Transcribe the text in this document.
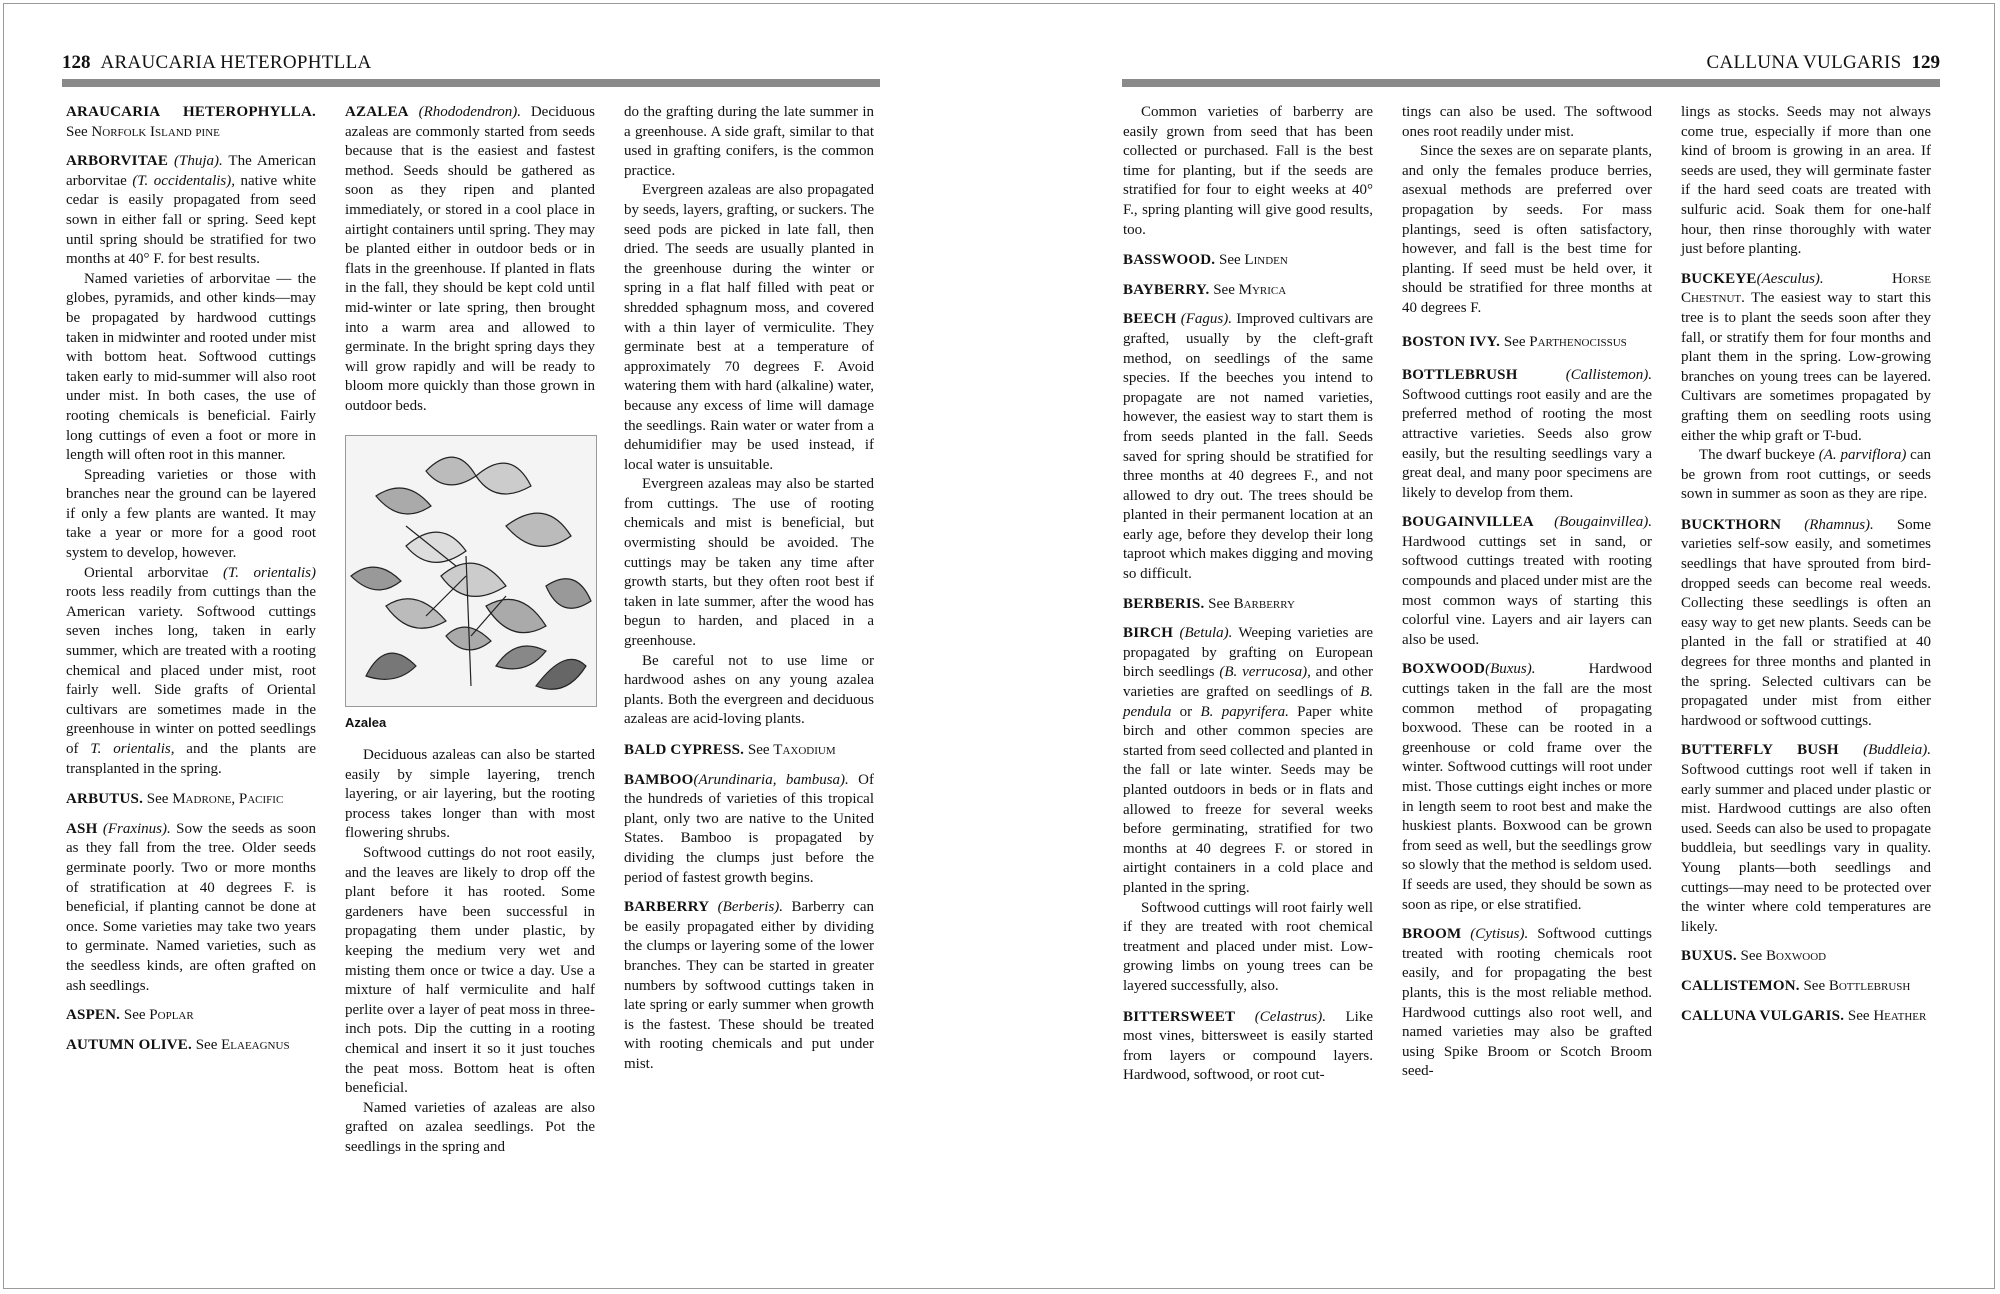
128 ARAUCARIA HETEROPHTLLA

ARAUCARIA HETEROPHYLLA. See Norfolk Island pine

ARBORVITAE (Thuja). The American arborvitae (T. occidentalis), native white cedar is easily propagated from seed sown in either fall or spring. Seed kept until spring should be stratified for two months at 40° F. for best results.

Named varieties of arborvitae — the globes, pyramids, and other kinds—may be propagated by hardwood cuttings taken in midwinter and rooted under mist with bottom heat. Softwood cuttings taken early to mid-summer will also root under mist. In both cases, the use of rooting chemicals is beneficial. Fairly long cuttings of even a foot or more in length will often root in this manner.

Spreading varieties or those with branches near the ground can be layered if only a few plants are wanted. It may take a year or more for a good root system to develop, however.

Oriental arborvitae (T. orientalis) roots less readily from cuttings than the American variety. Softwood cuttings seven inches long, taken in early summer, which are treated with a rooting chemical and placed under mist, root fairly well. Side grafts of Oriental cultivars are sometimes made in the greenhouse in winter on potted seedlings of T. orientalis, and the plants are transplanted in the spring.

ARBUTUS. See Madrone, Pacific

ASH (Fraxinus). Sow the seeds as soon as they fall from the tree. Older seeds germinate poorly. Two or more months of stratification at 40 degrees F. is beneficial, if planting cannot be done at once. Some varieties may take two years to germinate. Named varieties, such as the seedless kinds, are often grafted on ash seedlings.

ASPEN. See Poplar

AUTUMN OLIVE. See Elaeagnus

AZALEA (Rhododendron). Deciduous azaleas are commonly started from seeds because that is the easiest and fastest method. Seeds should be gathered as soon as they ripen and planted immediately, or stored in a cool place in airtight containers until spring. They may be planted either in outdoor beds or in flats in the greenhouse. If planted in flats in the fall, they should be kept cold until mid-winter or late spring, then brought into a warm area and allowed to germinate. In the bright spring days they will grow rapidly and will be ready to bloom more quickly than those grown in outdoor beds.

Azalea

Deciduous azaleas can also be started easily by simple layering, trench layering, or air layering, but the rooting process takes longer than with most flowering shrubs.

Softwood cuttings do not root easily, and the leaves are likely to drop off the plant before it has rooted. Some gardeners have been successful in propagating them under plastic, by keeping the medium very wet and misting them once or twice a day. Use a mixture of half vermiculite and half perlite over a layer of peat moss in three-inch pots. Dip the cutting in a rooting chemical and insert it so it just touches the peat moss. Bottom heat is often beneficial.

Named varieties of azaleas are also grafted on azalea seedlings. Pot the seedlings in the spring and

do the grafting during the late summer in a greenhouse. A side graft, similar to that used in grafting conifers, is the common practice.

Evergreen azaleas are also propagated by seeds, layers, grafting, or suckers. The seed pods are picked in late fall, then dried. The seeds are usually planted in the greenhouse during the winter or spring in a flat half filled with peat or shredded sphagnum moss, and covered with a thin layer of vermiculite. They germinate best at a temperature of approximately 70 degrees F. Avoid watering them with hard (alkaline) water, because any excess of lime will damage the seedlings. Rain water or water from a dehumidifier may be used instead, if local water is unsuitable.

Evergreen azaleas may also be started from cuttings. The use of rooting chemicals and mist is beneficial, but overmisting should be avoided. The cuttings may be taken any time after growth starts, but they often root best if taken in late summer, after the wood has begun to harden, and placed in a greenhouse.

Be careful not to use lime or hardwood ashes on any young azalea plants. Both the evergreen and deciduous azaleas are acid-loving plants.

BALD CYPRESS. See Taxodium

BAMBOO(Arundinaria, bambusa). Of the hundreds of varieties of this tropical plant, only two are native to the United States. Bamboo is propagated by dividing the clumps just before the period of fastest growth begins.

BARBERRY (Berberis). Barberry can be easily propagated either by dividing the clumps or layering some of the lower branches. They can be started in greater numbers by softwood cuttings taken in late spring or early summer when growth is the fastest. These should be treated with rooting chemicals and put under mist.

CALLUNA VULGARIS 129

Common varieties of barberry are easily grown from seed that has been collected or purchased. Fall is the best time for planting, but if the seeds are stratified for four to eight weeks at 40° F., spring planting will give good results, too.

BASSWOOD. See Linden

BAYBERRY. See Myrica

BEECH (Fagus). Improved cultivars are grafted, usually by the cleft-graft method, on seedlings of the same species. If the beeches you intend to propagate are not named varieties, however, the easiest way to start them is from seeds planted in the fall. Seeds saved for spring should be stratified for three months at 40 degrees F., and not allowed to dry out. The trees should be planted in their permanent location at an early age, before they develop their long taproot which makes digging and moving so difficult.

BERBERIS. See Barberry

BIRCH (Betula). Weeping varieties are propagated by grafting on European birch seedlings (B. verrucosa), and other varieties are grafted on seedlings of B. pendula or B. papyrifera. Paper white birch and other common species are started from seed collected and planted in the fall or late winter. Seeds may be planted outdoors in beds or in flats and allowed to freeze for several weeks before germinating, stratified for two months at 40 degrees F. or stored in airtight containers in a cold place and planted in the spring.

Softwood cuttings will root fairly well if they are treated with root chemical treatment and placed under mist. Low-growing limbs on young trees can be layered successfully, also.

BITTERSWEET (Celastrus). Like most vines, bittersweet is easily started from layers or compound layers. Hardwood, softwood, or root cut-

tings can also be used. The softwood ones root readily under mist.

Since the sexes are on separate plants, and only the females produce berries, asexual methods are preferred over propagation by seeds. For mass plantings, seed is often satisfactory, however, and fall is the best time for planting. If seed must be held over, it should be stratified for three months at 40 degrees F.

BOSTON IVY. See Parthenocissus

BOTTLEBRUSH (Callistemon). Softwood cuttings root easily and are the preferred method of rooting the most attractive varieties. Seeds also grow easily, but the resulting seedlings vary a great deal, and many poor specimens are likely to develop from them.

BOUGAINVILLEA (Bougainvillea). Hardwood cuttings set in sand, or softwood cuttings treated with rooting compounds and placed under mist are the most common ways of starting this colorful vine. Layers and air layers can also be used.

BOXWOOD(Buxus). Hardwood cuttings taken in the fall are the most common method of propagating boxwood. These can be rooted in a greenhouse or cold frame over the winter. Softwood cuttings will root under mist. Those cuttings eight inches or more in length seem to root best and make the huskiest plants. Boxwood can be grown from seed as well, but the seedlings grow so slowly that the method is seldom used. If seeds are used, they should be sown as soon as ripe, or else stratified.

BROOM (Cytisus). Softwood cuttings treated with rooting chemicals root easily, and for propagating the best plants, this is the most reliable method. Hardwood cuttings also root well, and named varieties may also be grafted using Spike Broom or Scotch Broom seed-

lings as stocks. Seeds may not always come true, especially if more than one kind of broom is growing in an area. If seeds are used, they will germinate faster if the hard seed coats are treated with sulfuric acid. Soak them for one-half hour, then rinse thoroughly with water just before planting.

BUCKEYE(Aesculus). Horse Chestnut. The easiest way to start this tree is to plant the seeds soon after they fall, or stratify them for four months and plant them in the spring. Low-growing branches on young trees can be layered. Cultivars are sometimes propagated by grafting them on seedling roots using either the whip graft or T-bud.

The dwarf buckeye (A. parviflora) can be grown from root cuttings, or seeds sown in summer as soon as they are ripe.

BUCKTHORN (Rhamnus). Some varieties self-sow easily, and sometimes seedlings that have sprouted from bird-dropped seeds can become real weeds. Collecting these seedlings is often an easy way to get new plants. Seeds can be planted in the fall or stratified at 40 degrees for three months and planted in the spring. Selected cultivars can be propagated under mist from either hardwood or softwood cuttings.

BUTTERFLY BUSH (Buddleia). Softwood cuttings root well if taken in early summer and placed under plastic or mist. Hardwood cuttings are also often used. Seeds can also be used to propagate buddleia, but seedlings vary in quality. Young plants—both seedlings and cuttings—may need to be protected over the winter where cold temperatures are likely.

BUXUS. See Boxwood

CALLISTEMON. See Bottlebrush

CALLUNA VULGARIS. See Heather
